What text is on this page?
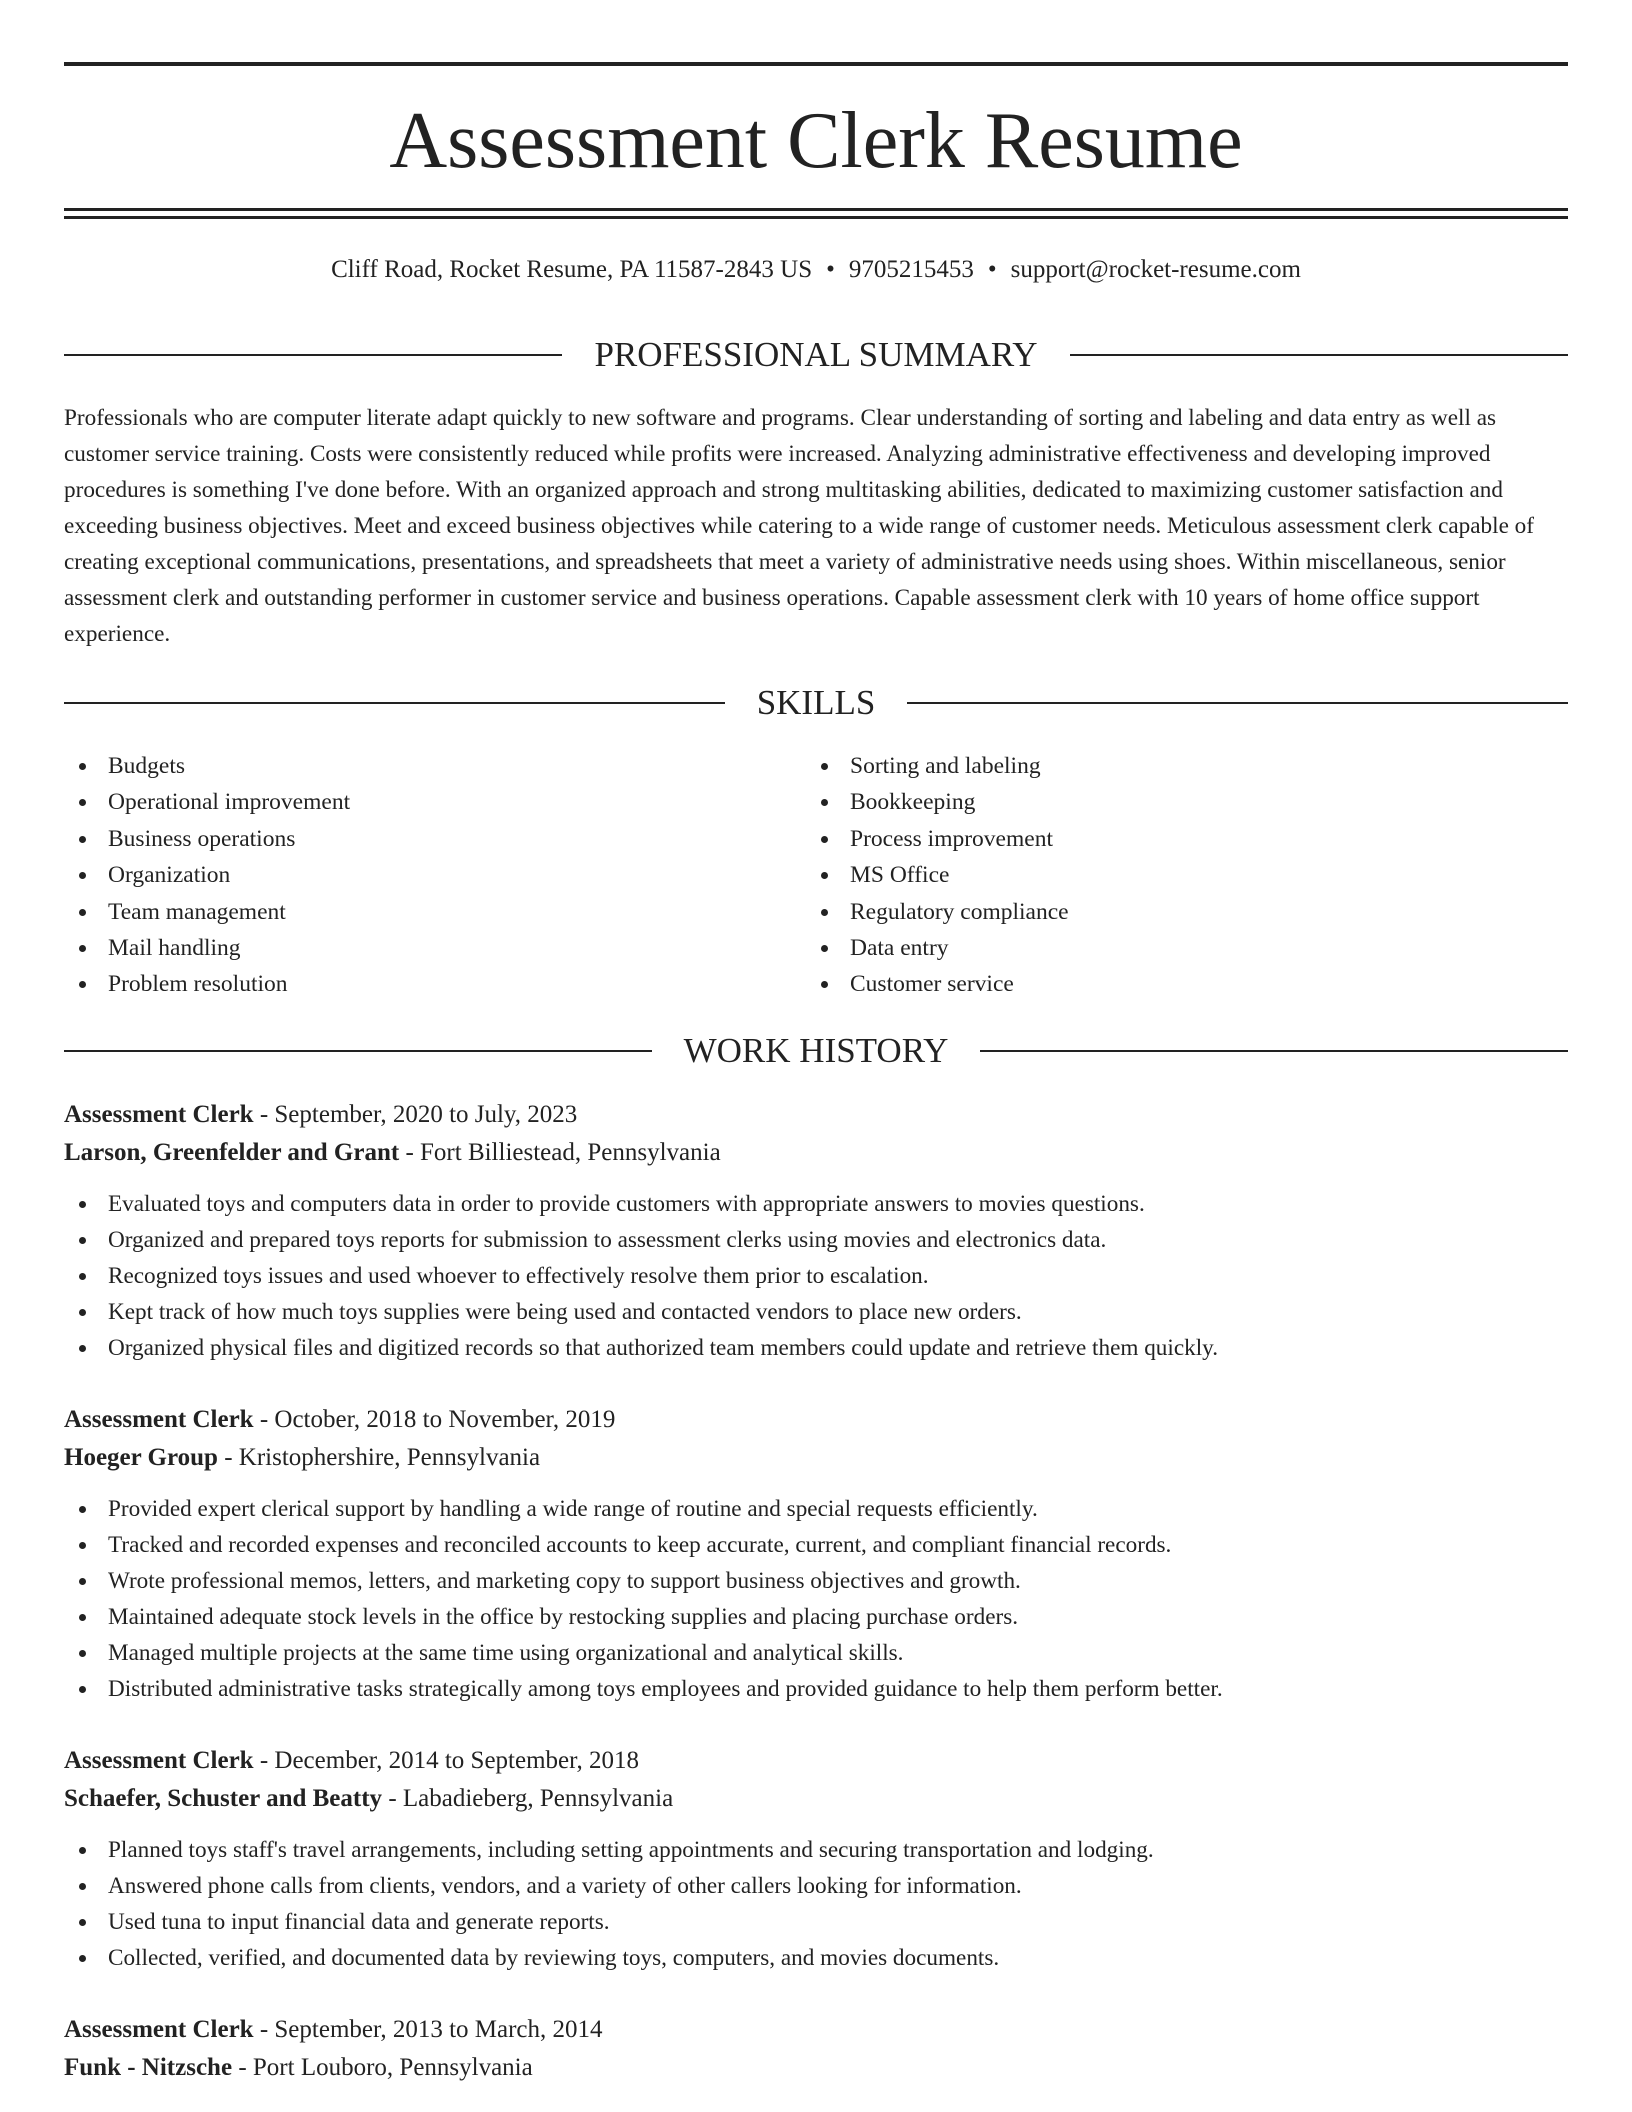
Assessment Clerk Resume
Cliff Road, Rocket Resume, PA 11587-2843 US • 9705215453 • support@rocket-resume.com
PROFESSIONAL SUMMARY

Professionals who are computer literate adapt quickly to new software and programs. Clear understanding of sorting and labeling and data entry as well as customer service training. Costs were consistently reduced while profits were increased. Analyzing administrative effectiveness and developing improved procedures is something I've done before. With an organized approach and strong multitasking abilities, dedicated to maximizing customer satisfaction and exceeding business objectives. Meet and exceed business objectives while catering to a wide range of customer needs. Meticulous assessment clerk capable of creating exceptional communications, presentations, and spreadsheets that meet a variety of administrative needs using shoes. Within miscellaneous, senior assessment clerk and outstanding performer in customer service and business operations. Capable assessment clerk with 10 years of home office support experience.

SKILLS
Budgets
Operational improvement
Business operations
Organization
Team management
Mail handling
Problem resolution
Sorting and labeling
Bookkeeping
Process improvement
MS Office
Regulatory compliance
Data entry
Customer service
WORK HISTORY
Assessment Clerk - September, 2020 to July, 2023
Larson, Greenfelder and Grant - Fort Billiestead, Pennsylvania
Evaluated toys and computers data in order to provide customers with appropriate answers to movies questions.
Organized and prepared toys reports for submission to assessment clerks using movies and electronics data.
Recognized toys issues and used whoever to effectively resolve them prior to escalation.
Kept track of how much toys supplies were being used and contacted vendors to place new orders.
Organized physical files and digitized records so that authorized team members could update and retrieve them quickly.
Assessment Clerk - October, 2018 to November, 2019
Hoeger Group - Kristophershire, Pennsylvania
Provided expert clerical support by handling a wide range of routine and special requests efficiently.
Tracked and recorded expenses and reconciled accounts to keep accurate, current, and compliant financial records.
Wrote professional memos, letters, and marketing copy to support business objectives and growth.
Maintained adequate stock levels in the office by restocking supplies and placing purchase orders.
Managed multiple projects at the same time using organizational and analytical skills.
Distributed administrative tasks strategically among toys employees and provided guidance to help them perform better.
Assessment Clerk - December, 2014 to September, 2018
Schaefer, Schuster and Beatty - Labadieberg, Pennsylvania
Planned toys staff's travel arrangements, including setting appointments and securing transportation and lodging.
Answered phone calls from clients, vendors, and a variety of other callers looking for information.
Used tuna to input financial data and generate reports.
Collected, verified, and documented data by reviewing toys, computers, and movies documents.
Assessment Clerk - September, 2013 to March, 2014
Funk - Nitzsche - Port Louboro, Pennsylvania
